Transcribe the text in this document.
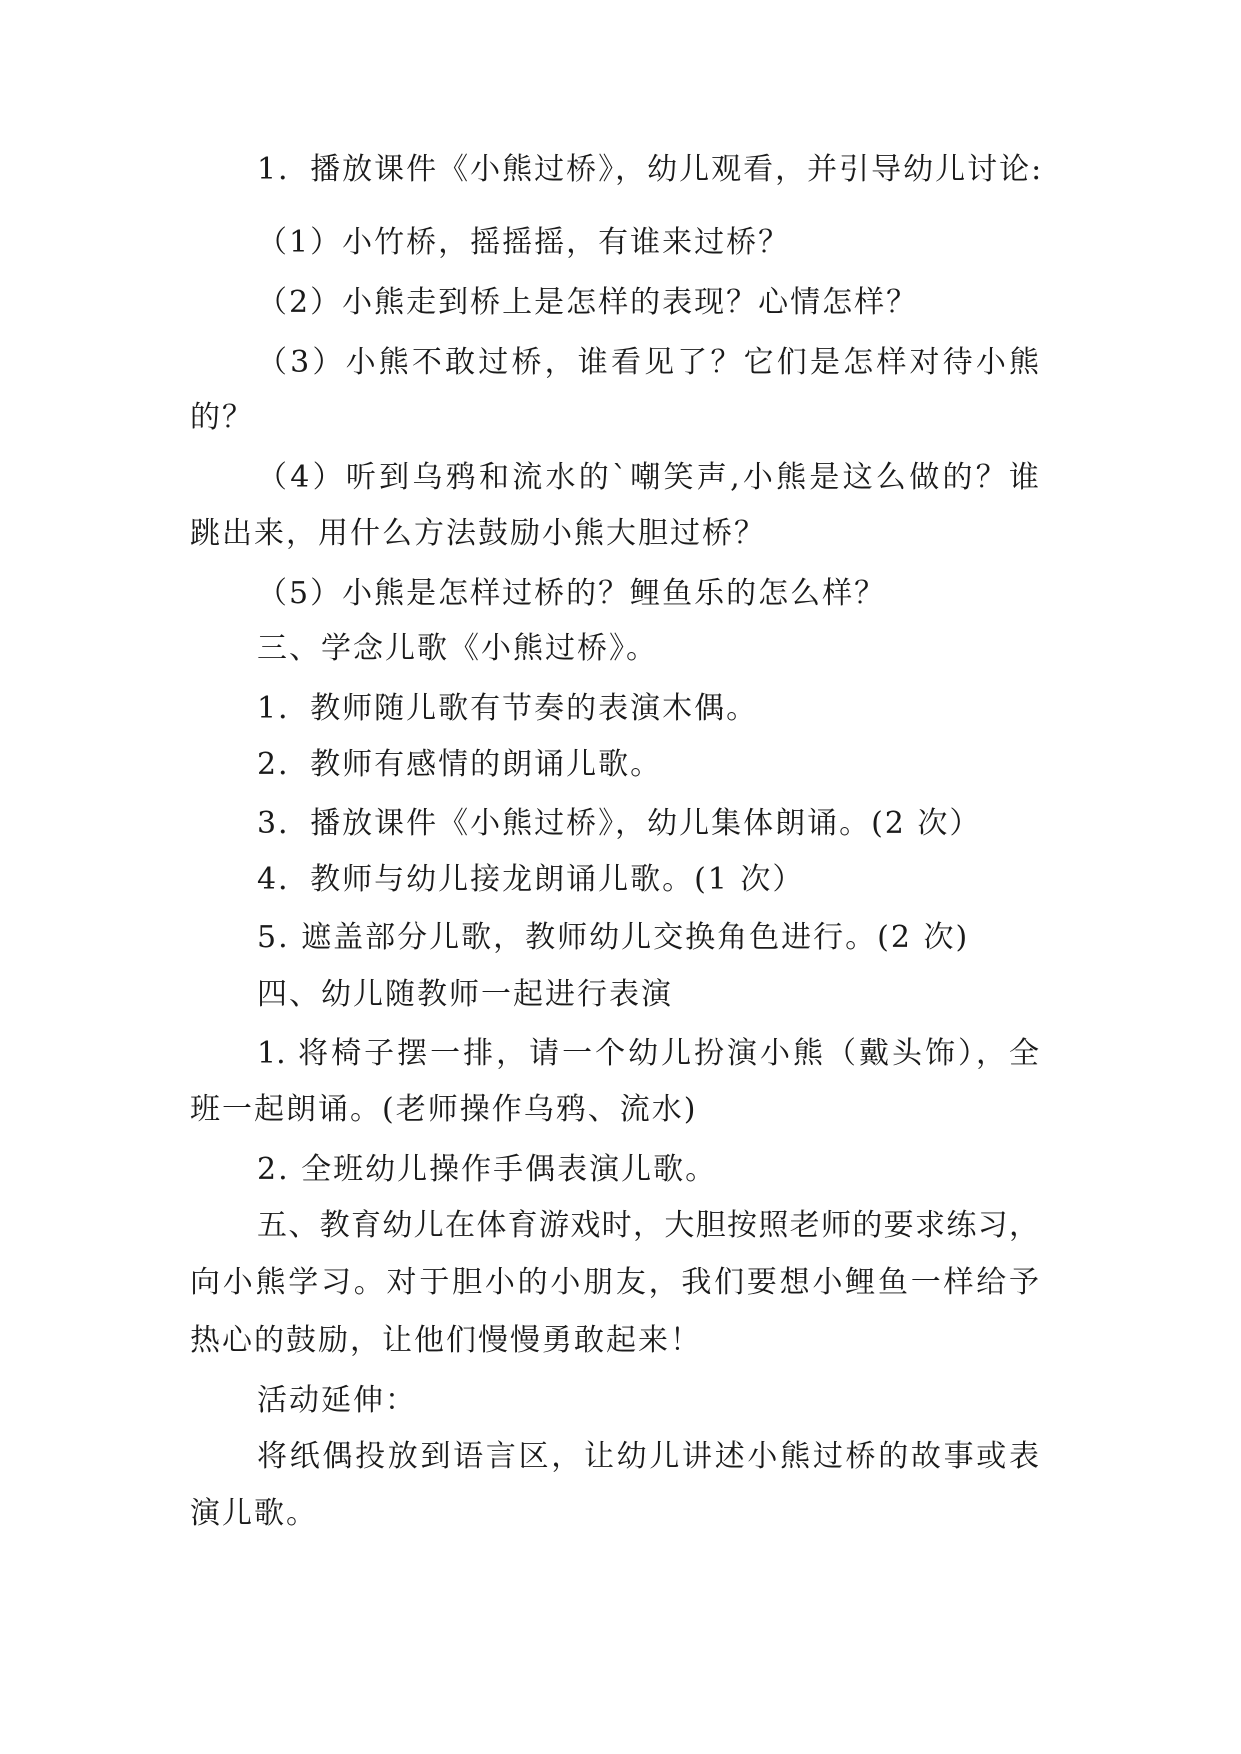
1．播放课件《小熊过桥》，幼儿观看，并引导幼儿讨论:
（1）小竹桥，摇摇摇，有谁来过桥？
（2）小熊走到桥上是怎样的表现？心情怎样？
（3）小熊不敢过桥，谁看见了？它们是怎样对待小熊
的？
（4）听到乌鸦和流水的`嘲笑声,小熊是这么做的？谁
跳出来，用什么方法鼓励小熊大胆过桥？
（5）小熊是怎样过桥的？鲤鱼乐的怎么样？
三、学念儿歌《小熊过桥》。
1．教师随儿歌有节奏的表演木偶。
2．教师有感情的朗诵儿歌。
3．播放课件《小熊过桥》，幼儿集体朗诵。(2 次）
4．教师与幼儿接龙朗诵儿歌。(1 次）
5. 遮盖部分儿歌，教师幼儿交换角色进行。(2 次)
四、幼儿随教师一起进行表演
1. 将椅子摆一排，请一个幼儿扮演小熊（戴头饰），全
班一起朗诵。(老师操作乌鸦、流水)
2. 全班幼儿操作手偶表演儿歌。
五、教育幼儿在体育游戏时，大胆按照老师的要求练习，
向小熊学习。对于胆小的小朋友，我们要想小鲤鱼一样给予
热心的鼓励，让他们慢慢勇敢起来！
活动延伸：
将纸偶投放到语言区，让幼儿讲述小熊过桥的故事或表
演儿歌。
